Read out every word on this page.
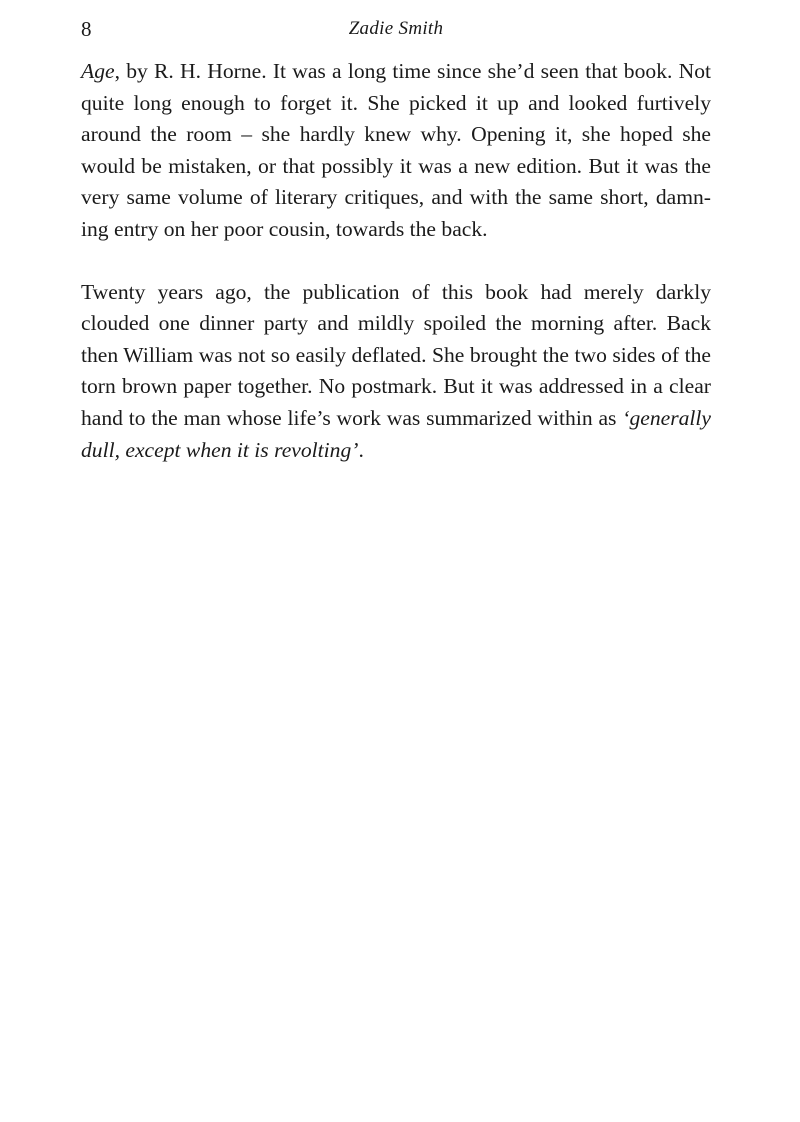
8	Zadie Smith

Age, by R. H. Horne. It was a long time since she’d seen that book. Not quite long enough to forget it. She picked it up and looked furtively around the room – she hardly knew why. Opening it, she hoped she would be mistaken, or that possibly it was a new edition. But it was the very same volume of literary critiques, and with the same short, damning entry on her poor cousin, towards the back.

Twenty years ago, the publication of this book had merely darkly clouded one dinner party and mildly spoiled the morning after. Back then William was not so easily deflated. She brought the two sides of the torn brown paper together. No postmark. But it was addressed in a clear hand to the man whose life’s work was summarized within as ‘generally dull, except when it is revolting’.
